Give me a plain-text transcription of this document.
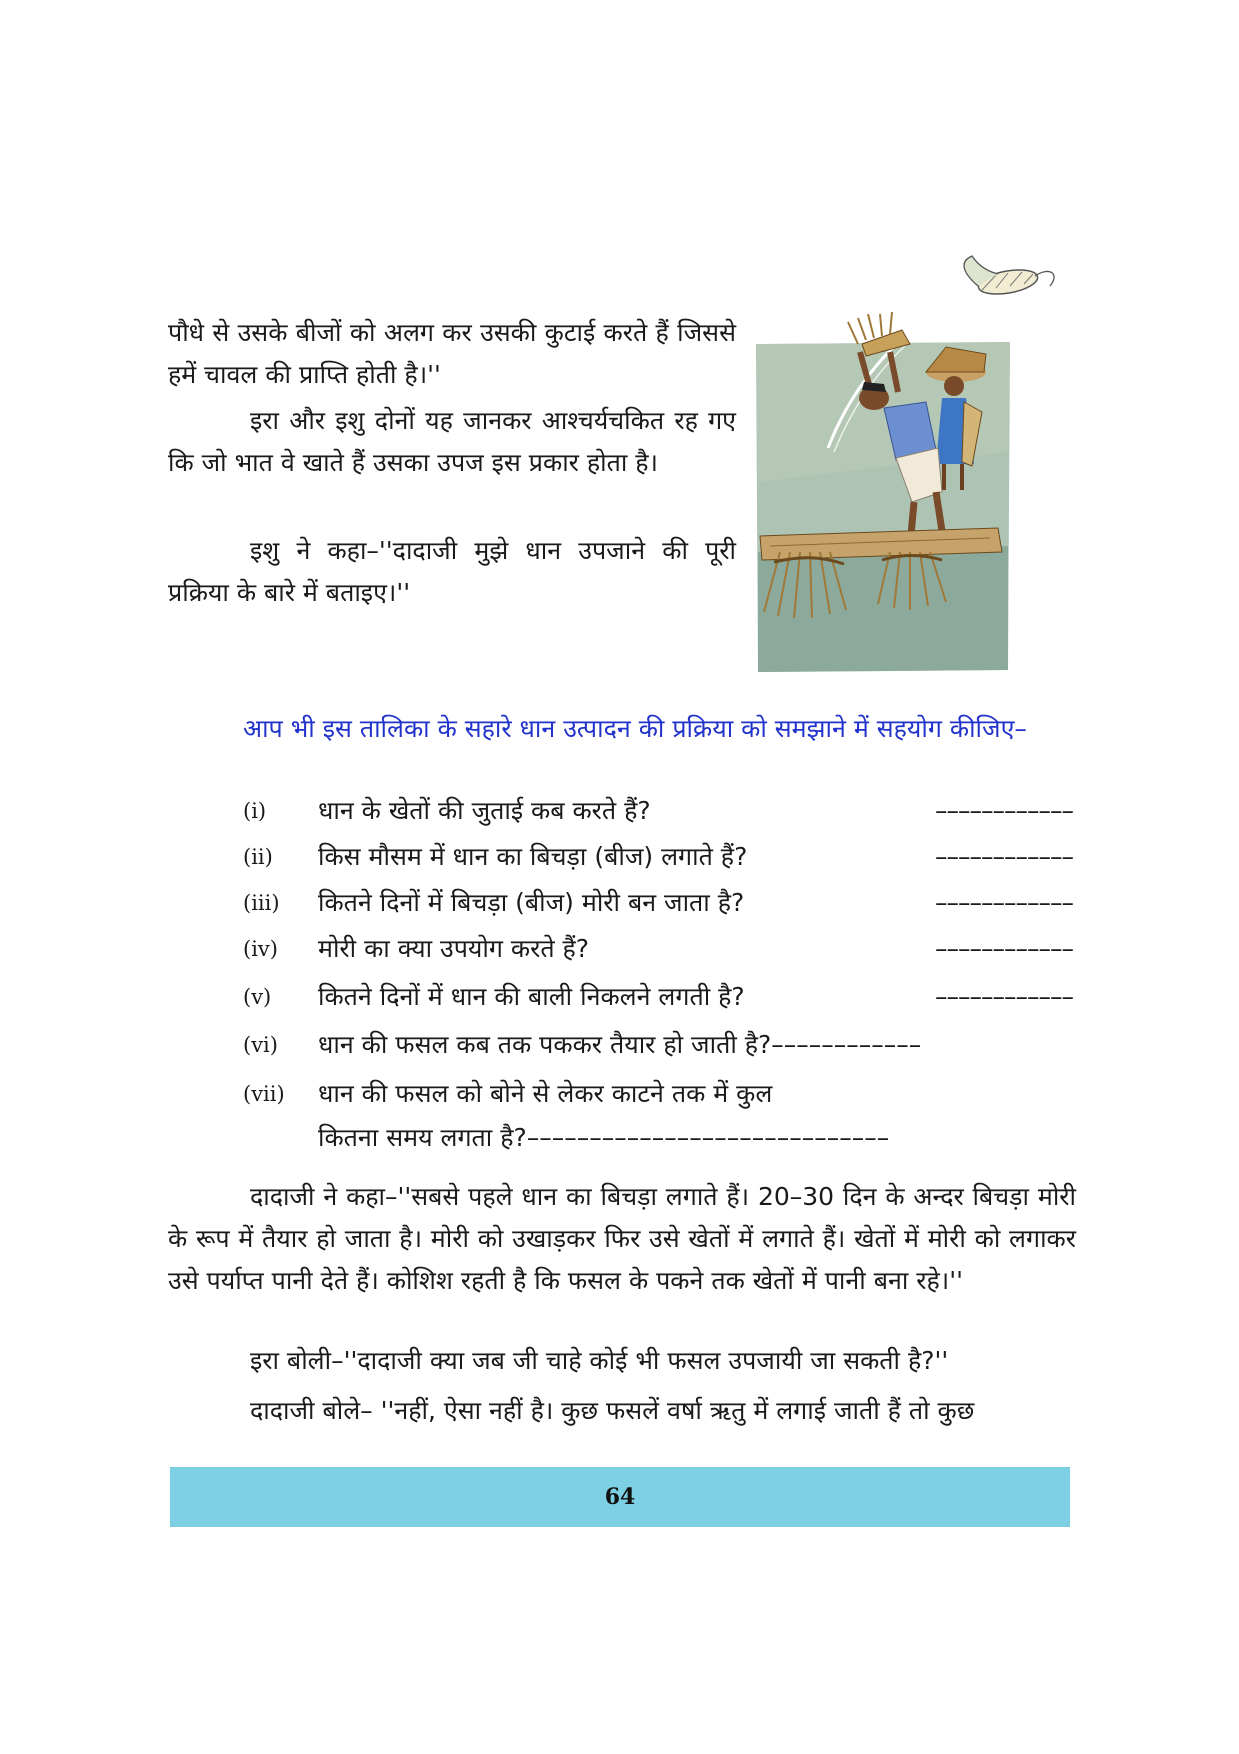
पौधे से उसके बीजों को अलग कर उसकी कुटाई करते हैं जिससे हमें चावल की प्राप्ति होती है।''

इरा और इशु दोनों यह जानकर आश्चर्यचकित रह गए कि जो भात वे खाते हैं उसका उपज इस प्रकार होता है।

इशु ने कहा–''दादाजी मुझे धान उपजाने की पूरी प्रक्रिया के बारे में बताइए।''

आप भी इस तालिका के सहारे धान उत्पादन की प्रक्रिया को समझाने में सहयोग कीजिए–

(i) धान के खेतों की जुताई कब करते हैं?	––––––––––––
(ii) किस मौसम में धान का बिचड़ा (बीज) लगाते हैं?	––––––––––––
(iii) कितने दिनों में बिचड़ा (बीज) मोरी बन जाता है?	––––––––––––
(iv) मोरी का क्या उपयोग करते हैं?	––––––––––––
(v) कितने दिनों में धान की बाली निकलने लगती है?	––––––––––––
(vi) धान की फसल कब तक पककर तैयार हो जाती है?––––––––––––
(vii) धान की फसल को बोने से लेकर काटने तक में कुल
कितना समय लगता है?–––––––––––––––––––––––––––––

दादाजी ने कहा–''सबसे पहले धान का बिचड़ा लगाते हैं। 20–30 दिन के अन्दर बिचड़ा मोरी के रूप में तैयार हो जाता है। मोरी को उखाड़कर फिर उसे खेतों में लगाते हैं। खेतों में मोरी को लगाकर उसे पर्याप्त पानी देते हैं। कोशिश रहती है कि फसल के पकने तक खेतों में पानी बना रहे।''

इरा बोली–''दादाजी क्या जब जी चाहे कोई भी फसल उपजायी जा सकती है?''

दादाजी बोले– ''नहीं, ऐसा नहीं है। कुछ फसलें वर्षा ऋतु में लगाई जाती हैं तो कुछ

64
